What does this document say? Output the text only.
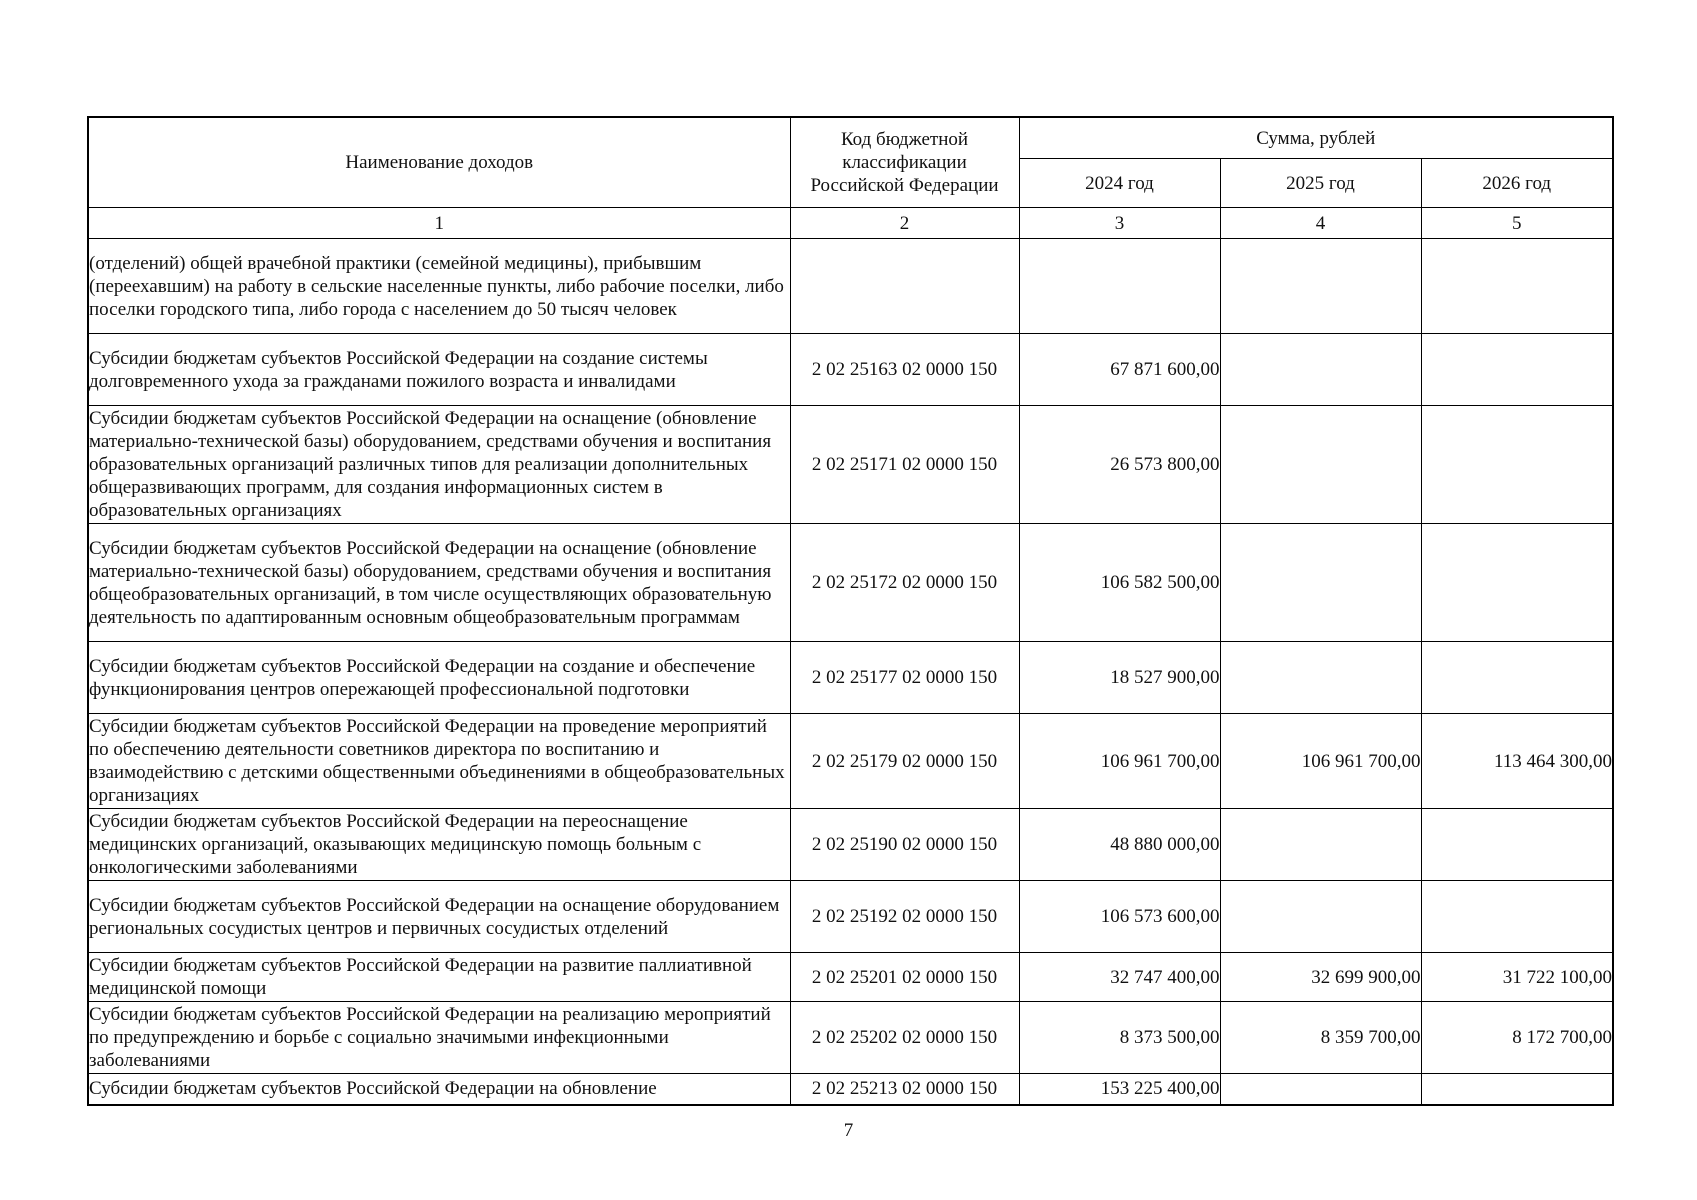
Наименование доходов	Код бюджетной классификации Российской Федерации	Сумма, рублей		
		2024 год	2025 год	2026 год
1	2	3	4	5
(отделений) общей врачебной практики (семейной медицины), прибывшим (переехавшим) на работу в сельские населенные пункты, либо рабочие поселки, либо поселки городского типа, либо города с населением до 50 тысяч человек				
Субсидии бюджетам субъектов Российской Федерации на создание системы долговременного ухода за гражданами пожилого возраста и инвалидами	2 02 25163 02 0000 150	67 871 600,00		
Субсидии бюджетам субъектов Российской Федерации на оснащение (обновление материально-технической базы) оборудованием, средствами обучения и воспитания образовательных организаций различных типов для реализации дополнительных общеразвивающих программ, для создания информационных систем в образовательных организациях	2 02 25171 02 0000 150	26 573 800,00		
Субсидии бюджетам субъектов Российской Федерации на оснащение (обновление материально-технической базы) оборудованием, средствами обучения и воспитания общеобразовательных организаций, в том числе осуществляющих образовательную деятельность по адаптированным основным общеобразовательным программам	2 02 25172 02 0000 150	106 582 500,00		
Субсидии бюджетам субъектов Российской Федерации на создание и обеспечение функционирования центров опережающей профессиональной подготовки	2 02 25177 02 0000 150	18 527 900,00		
Субсидии бюджетам субъектов Российской Федерации на проведение мероприятий по обеспечению деятельности советников директора по воспитанию и взаимодействию с детскими общественными объединениями в общеобразовательных организациях	2 02 25179 02 0000 150	106 961 700,00	106 961 700,00	113 464 300,00
Субсидии бюджетам субъектов Российской Федерации на переоснащение медицинских организаций, оказывающих медицинскую помощь больным с онкологическими заболеваниями	2 02 25190 02 0000 150	48 880 000,00		
Субсидии бюджетам субъектов Российской Федерации на оснащение оборудованием региональных сосудистых центров и первичных сосудистых отделений	2 02 25192 02 0000 150	106 573 600,00		
Субсидии бюджетам субъектов Российской Федерации на развитие паллиативной медицинской помощи	2 02 25201 02 0000 150	32 747 400,00	32 699 900,00	31 722 100,00
Субсидии бюджетам субъектов Российской Федерации на реализацию мероприятий по предупреждению и борьбе с социально значимыми инфекционными заболеваниями	2 02 25202 02 0000 150	8 373 500,00	8 359 700,00	8 172 700,00
Субсидии бюджетам субъектов Российской Федерации на обновление	2 02 25213 02 0000 150	153 225 400,00		
7
